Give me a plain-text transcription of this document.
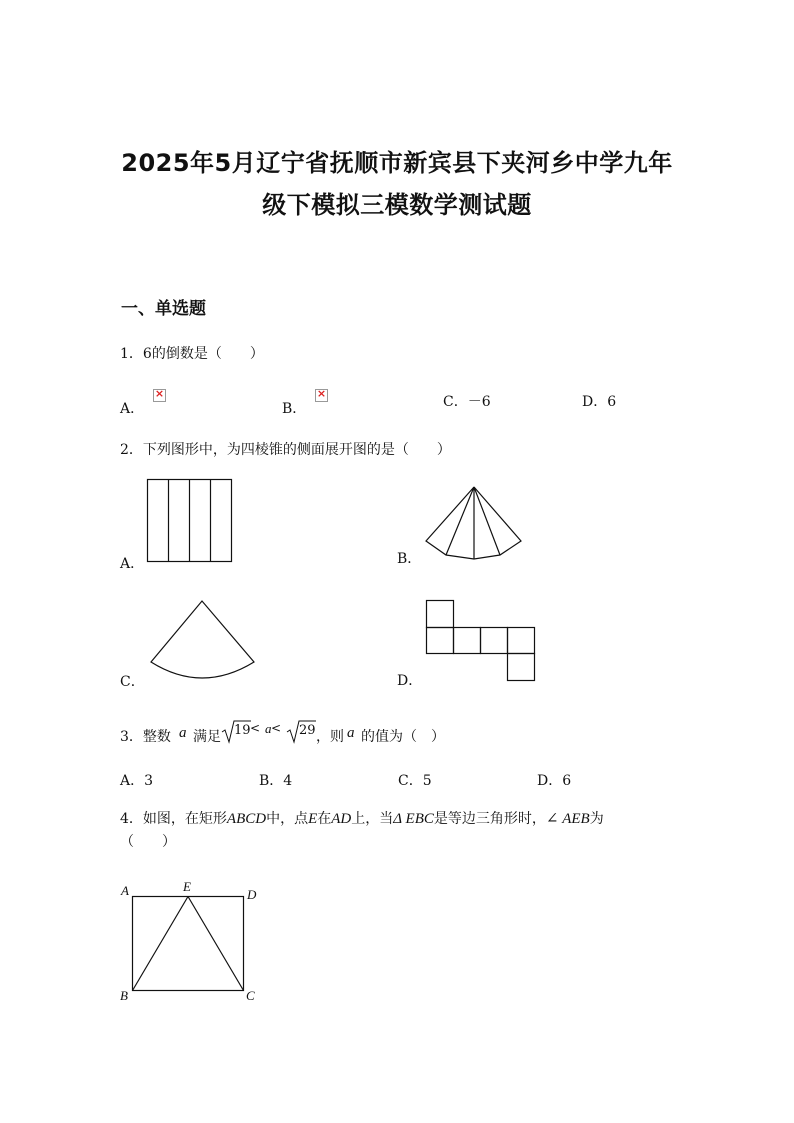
2025年5月辽宁省抚顺市新宾县下夹河乡中学九年
级下模拟三模数学测试题
一、单选题
1．6的倒数是（　　）
A．
×
B．
×
C．－6	D．6
2．下列图形中，为四棱锥的侧面展开图的是（　　）
A．	B．
C．	D．
3．整数 a 满足 19 < a < 29 ，则 a 的值为（　）
A．3	B．4	C．5	D．6
4．如图，在矩形ABCD中，点E在AD上，当Δ EBC是等边三角形时，∠ AEB为
（　　）
A	E
D
B	C
